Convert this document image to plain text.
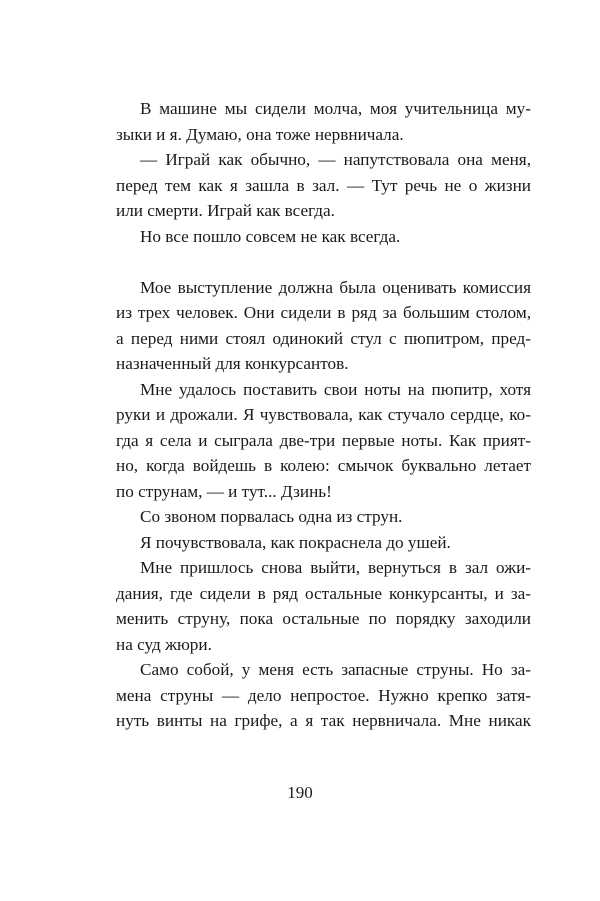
В машине мы сидели молча, моя учительница му-
зыки и я. Думаю, она тоже нервничала.
— Играй как обычно, — напутствовала она меня,
перед тем как я зашла в зал. — Тут речь не о жизни
или смерти. Играй как всегда.
Но все пошло совсем не как всегда.
Мое выступление должна была оценивать комиссия
из трех человек. Они сидели в ряд за большим столом,
а перед ними стоял одинокий стул с пюпитром, пред-
назначенный для конкурсантов.
Мне удалось поставить свои ноты на пюпитр, хотя
руки и дрожали. Я чувствовала, как стучало сердце, ко-
гда я села и сыграла две-три первые ноты. Как прият-
но, когда войдешь в колею: смычок буквально летает
по струнам, — и тут... Дзинь!
Со звоном порвалась одна из струн.
Я почувствовала, как покраснела до ушей.
Мне пришлось снова выйти, вернуться в зал ожи-
дания, где сидели в ряд остальные конкурсанты, и за-
менить струну, пока остальные по порядку заходили
на суд жюри.
Само собой, у меня есть запасные струны. Но за-
мена струны — дело непростое. Нужно крепко затя-
нуть винты на грифе, а я так нервничала. Мне никак
190
